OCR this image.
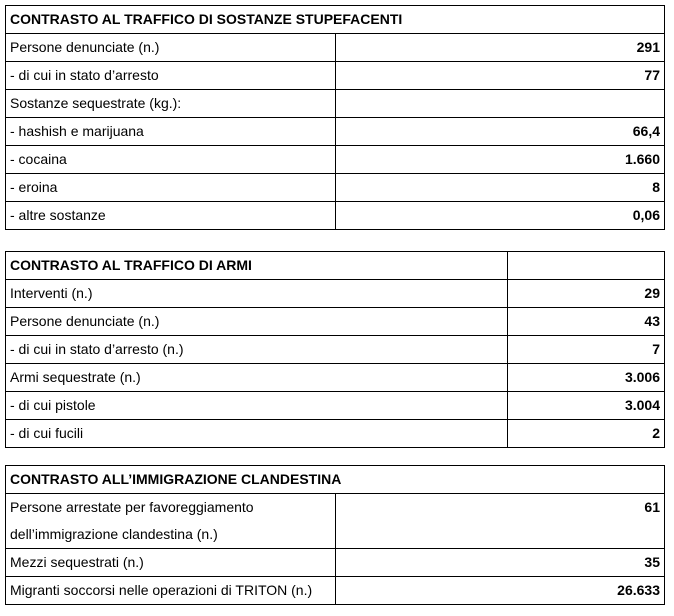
CONTRASTO AL TRAFFICO DI SOSTANZE STUPEFACENTI	
Persone denunciate (n.)	291
- di cui in stato d’arresto	77
Sostanze sequestrate (kg.):	
- hashish e marijuana	66,4
- cocaina	1.660
- eroina	8
- altre sostanze	0,06
CONTRASTO AL TRAFFICO DI ARMI	
Interventi (n.)	29
Persone denunciate (n.)	43
- di cui in stato d’arresto (n.)	7
Armi sequestrate (n.)	3.006
- di cui pistole	3.004
- di cui fucili	2
CONTRASTO ALL’IMMIGRAZIONE CLANDESTINA	
Persone arrestate per favoreggiamento dell’immigrazione clandestina (n.)	61
Mezzi sequestrati (n.)	35
Migranti soccorsi nelle operazioni di TRITON (n.)	26.633
